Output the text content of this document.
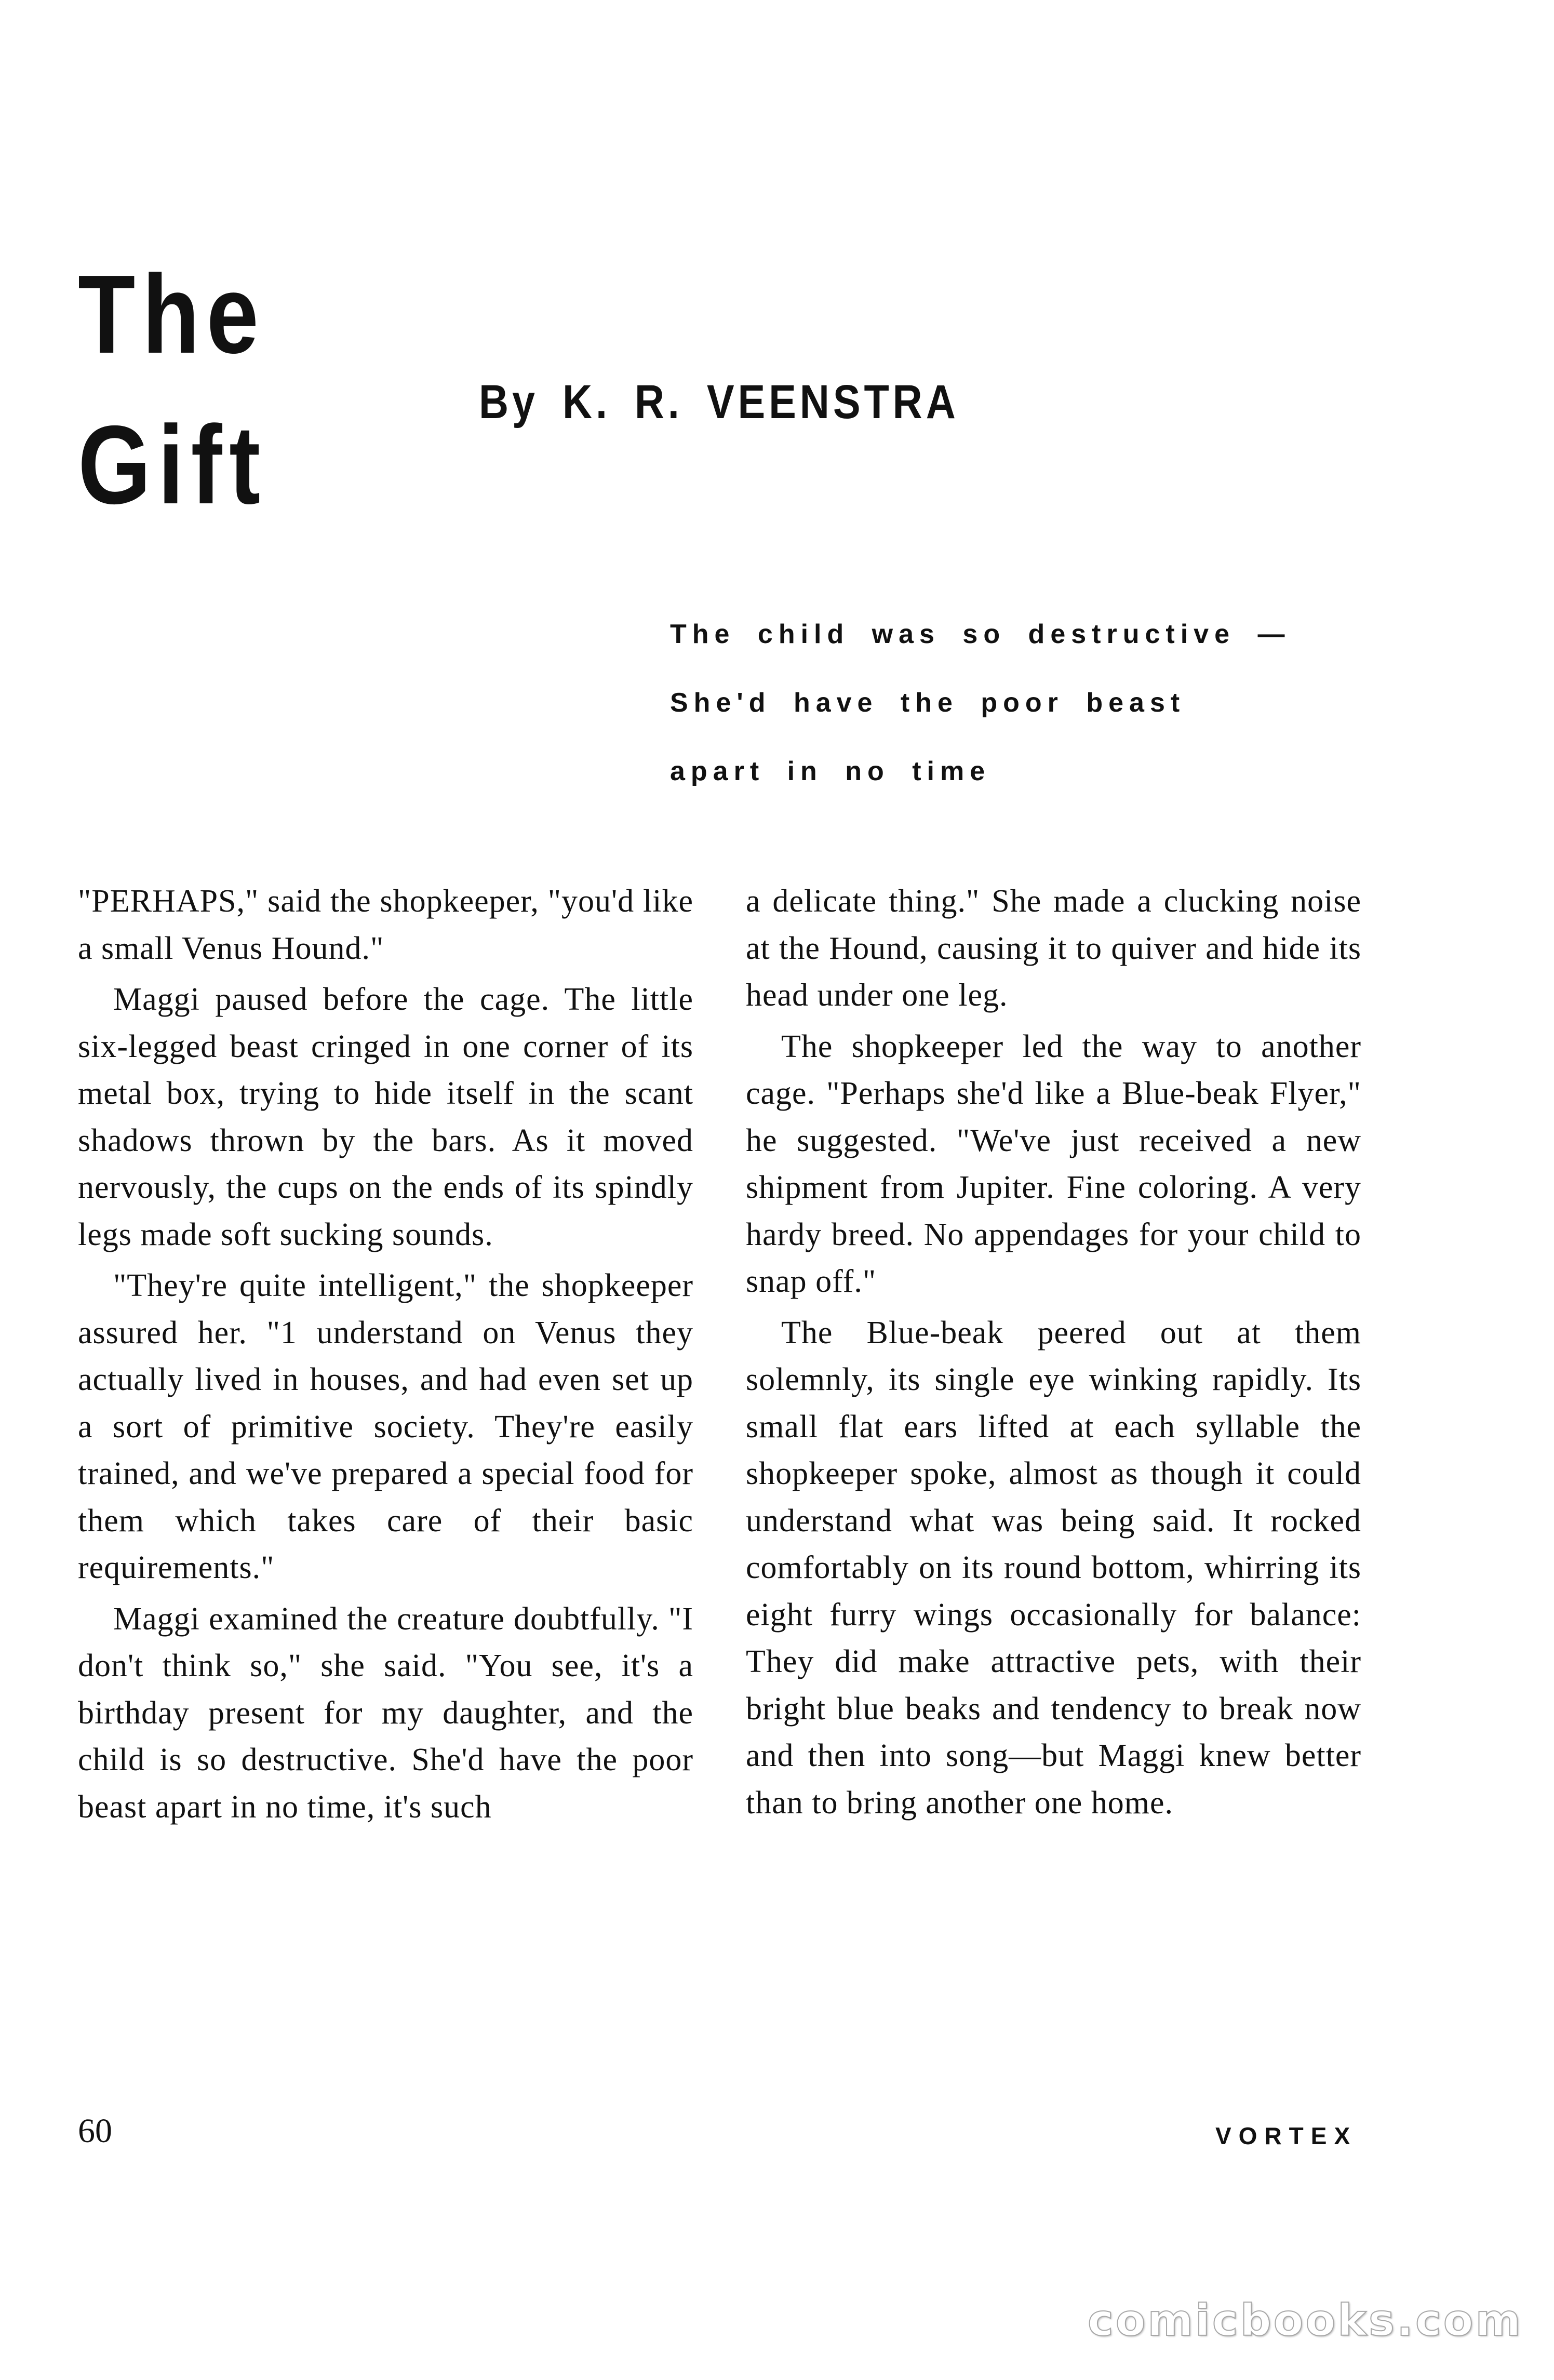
The
Gift	By K. R. VEENSTRA
The child was so destructive —
She'd have the poor beast
apart in no time

"PERHAPS," said the shopkeeper, "you'd like a small Venus Hound."

Maggi paused before the cage. The little six-legged beast cringed in one corner of its metal box, trying to hide itself in the scant shadows thrown by the bars. As it moved nervously, the cups on the ends of its spindly legs made soft sucking sounds.

"They're quite intelligent," the shopkeeper assured her. "1 understand on Venus they actually lived in houses, and had even set up a sort of primitive society. They're easily trained, and we've prepared a special food for them which takes care of their basic requirements."

Maggi examined the creature doubtfully. "I don't think so," she said. "You see, it's a birthday present for my daughter, and the child is so destructive. She'd have the poor beast apart in no time, it's such

a delicate thing." She made a clucking noise at the Hound, causing it to quiver and hide its head under one leg.

The shopkeeper led the way to another cage. "Perhaps she'd like a Blue-beak Flyer," he suggested. "We've just received a new shipment from Jupiter. Fine coloring. A very hardy breed. No appendages for your child to snap off."

The Blue-beak peered out at them solemnly, its single eye winking rapidly. Its small flat ears lifted at each syllable the shopkeeper spoke, almost as though it could understand what was being said. It rocked comfortably on its round bottom, whirring its eight furry wings occasionally for balance: They did make attractive pets, with their bright blue beaks and tendency to break now and then into song—but Maggi knew better than to bring another one home.

60	VORTEX
comicbooks.com
